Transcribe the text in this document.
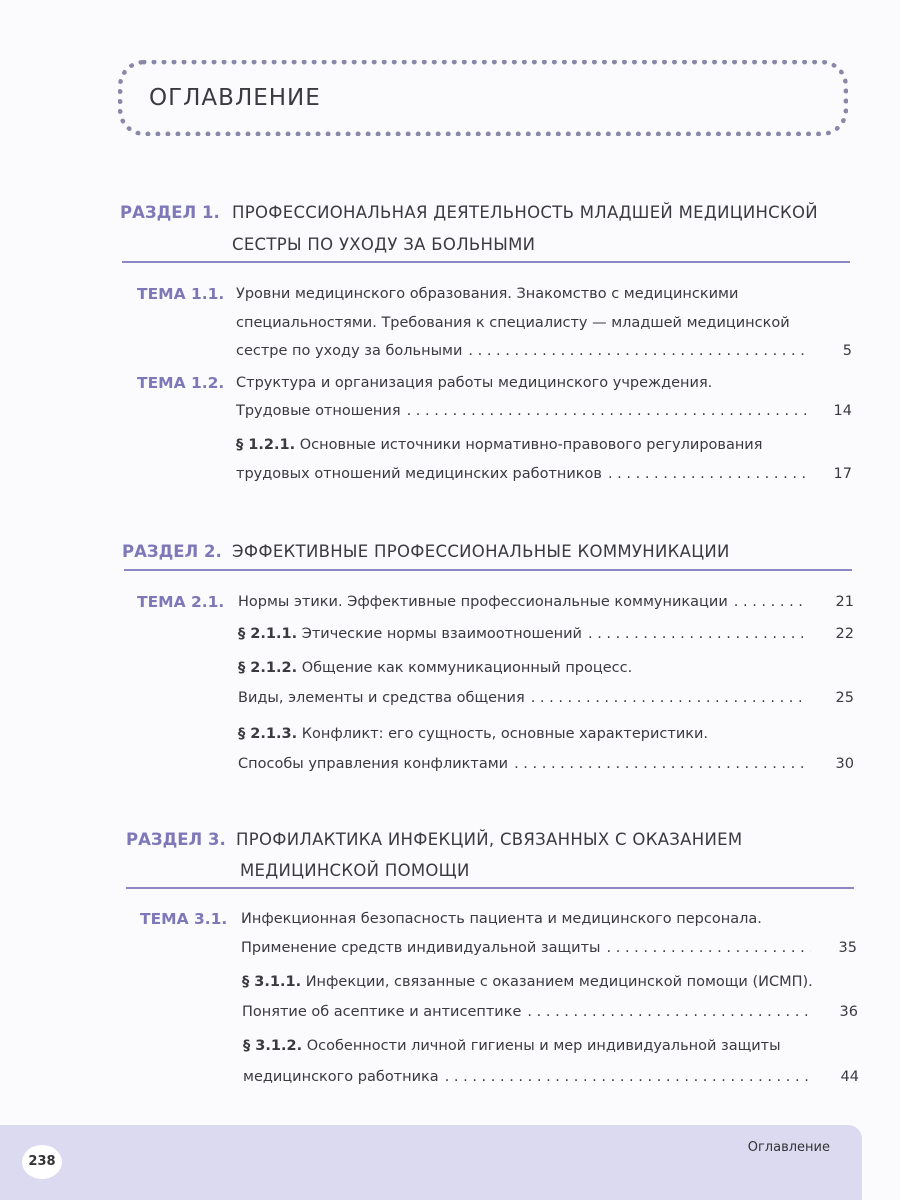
ОГЛАВЛЕНИЕ
РАЗДЕЛ 1. ПРОФЕССИОНАЛЬНАЯ ДЕЯТЕЛЬНОСТЬ МЛАДШЕЙ МЕДИЦИНСКОЙ
СЕСТРЫ ПО УХОДУ ЗА БОЛЬНЫМИ
ТЕМА 1.1. Уровни медицинского образования. Знакомство с медицинскими
специальностями. Требования к специалисту — младшей медицинской
сестре по уходу за больными . . .	5
ТЕМА 1.2. Структура и организация работы медицинского учреждения.
Трудовые отношения . . .	14
§ 1.2.1. Основные источники нормативно-правового регулирования
трудовых отношений медицинских работников . . .	17
РАЗДЕЛ 2. ЭФФЕКТИВНЫЕ ПРОФЕССИОНАЛЬНЫЕ КОММУНИКАЦИИ
ТЕМА 2.1. Нормы этики. Эффективные профессиональные коммуникации . . .	21
§ 2.1.1. Этические нормы взаимоотношений . . .	22
§ 2.1.2. Общение как коммуникационный процесс.
Виды, элементы и средства общения . . .	25
§ 2.1.3. Конфликт: его сущность, основные характеристики.
Способы управления конфликтами . . .	30
РАЗДЕЛ 3. ПРОФИЛАКТИКА ИНФЕКЦИЙ, СВЯЗАННЫХ С ОКАЗАНИЕМ
МЕДИЦИНСКОЙ ПОМОЩИ
ТЕМА 3.1. Инфекционная безопасность пациента и медицинского персонала.
Применение средств индивидуальной защиты . . .	35
§ 3.1.1. Инфекции, связанные с оказанием медицинской помощи (ИСМП).
Понятие об асептике и антисептике . . .	36
§ 3.1.2. Особенности личной гигиены и мер индивидуальной защиты
медицинского работника . . .	44
238
Оглавление
